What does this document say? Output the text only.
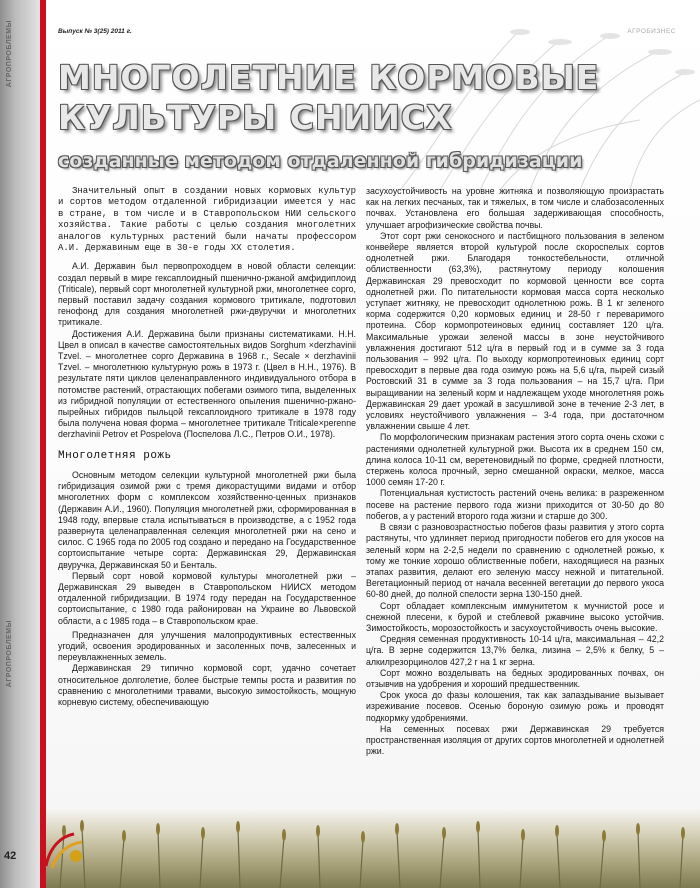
АГРОПРОБЛЕМЫ
АГРОПРОБЛЕМЫ
42
Выпуск № 3(25) 2011 г.	АГРОБИЗНЕС
МНОГОЛЕТНИЕ КОРМОВЫЕ КУЛЬТУРЫ СНИИСХ
созданные методом отдаленной гибридизации

Значительный опыт в создании новых кормовых культур и сортов методом отдаленной гибридизации имеется у нас в стране, в том числе и в Ставропольском НИИ сельского хозяйства. Такие работы с целью создания многолетних аналогов культурных растений были начаты профессором А.И. Державиным еще в 30-е годы XX столетия.

А.И. Державин был первопроходцем в новой области селекции: создал первый в мире гексаплоидный пшенично-ржаной амфидиплоид (Triticale), первый сорт многолетней культурной ржи, многолетнее сорго, первый поставил задачу создания кормового тритикале, подготовил генофонд для создания многолетней ржи-двуручки и многолетних тритикале.

Достижения А.И. Державина были признаны систематиками. Н.Н. Цвел в описал в качестве самостоятельных видов Sorghum ×derzhavinii Tzvel. – многолетнее сорго Державина в 1968 г., Secale × derzhavinii Tzvel. – многолетнюю культурную рожь в 1973 г. (Цвел в Н.Н., 1976). В результате пяти циклов целенаправленного индивидуального отбора в потомстве растений, отрастающих побегами озимого типа, выделенных из гибридной популяции от естественного опыления пшенично-ржано-пырейных гибридов пыльцой гексаплоидного тритикале в 1978 году была получена новая форма – многолетнее тритикале Triticale×perenne derzhavinii Petrov et Pospelova (Поспелова Л.С., Петров О.И., 1978).

Многолетняя рожь

Основным методом селекции культурной многолетней ржи была гибридизация озимой ржи с тремя дикорастущими видами и отбор многолетних форм с комплексом хозяйственно-ценных признаков (Державин А.И., 1960). Популяция многолетней ржи, сформированная в 1948 году, впервые стала испытываться в производстве, а с 1952 года развернута целенаправленная селекция многолетней ржи на сено и силос. С 1965 года по 2005 год создано и передано на Государственное сортоиспытание четыре сорта: Державинская 29, Державинская двуручка, Державинская 50 и Бенталь.

Первый сорт новой кормовой культуры многолетней ржи – Державинская 29 выведен в Ставропольском НИИСХ методом отдаленной гибридизации. В 1974 году передан на Государственное сортоиспытание, с 1980 года районирован на Украине во Львовской области, а с 1985 года – в Ставропольском крае.

Предназначен для улучшения малопродуктивных естественных угодий, освоения эродированных и засоленных почв, залесенных и переувлажненных земель.

Державинская 29 типично кормовой сорт, удачно сочетает относительное долголетие, более быстрые темпы роста и развития по сравнению с многолетними травами, высокую зимостойкость, мощную корневую систему, обеспечивающую

засухоустойчивость на уровне житняка и позволяющую произрастать как на легких песчаных, так и тяжелых, в том числе и слабозасоленных почвах. Установлена его большая задерживающая способность, улучшает агрофизические свойства почвы.

Этот сорт ржи сенокосного и пастбищного пользования в зеленом конвейере является второй культурой после скороспелых сортов однолетней ржи. Благодаря тонкостебельности, отличной облиственности (63,3%), растянутому периоду колошения Державинская 29 превосходит по кормовой ценности все сорта однолетней ржи. По питательности кормовая масса сорта несколько уступает житняку, не превосходит однолетнюю рожь. В 1 кг зеленого корма содержится 0,20 кормовых единиц и 28-50 г переваримого протеина. Сбор кормопротеиновых единиц составляет 120 ц/га. Максимальные урожаи зеленой массы в зоне неустойчивого увлажнения достигают 512 ц/га в первый год и в сумме за 3 года пользования – 992 ц/га. По выходу кормопротеиновых единиц сорт превосходит в первые два года озимую рожь на 5,6 ц/га, пырей сизый Ростовский 31 в сумме за 3 года пользования – на 15,7 ц/га. При выращивании на зеленый корм и надлежащем уходе многолетняя рожь Державинская 29 дает урожай в засушливой зоне в течение 2-3 лет, в условиях неустойчивого увлажнения – 3-4 года, при достаточном увлажнении свыше 4 лет.

По морфологическим признакам растения этого сорта очень схожи с растениями однолетней культурной ржи. Высота их в среднем 150 см, длина колоса 10-11 см, веретеновидный по форме, средней плотности, стержень колоса прочный, зерно смешанной окраски, мелкое, масса 1000 семян 17-20 г.

Потенциальная кустистость растений очень велика: в разреженном посеве на растение первого года жизни приходится от 30-50 до 80 побегов, а у растений второго года жизни и старше до 300.

В связи с разновозрастностью побегов фазы развития у этого сорта растянуты, что удлиняет период пригодности побегов его для укосов на зеленый корм на 2-2,5 недели по сравнению с однолетней рожью, к тому же тонкие хорошо облиственные побеги, находящиеся на разных этапах развития, делают его зеленую массу нежной и питательной. Вегетационный период от начала весенней вегетации до первого укоса 60-80 дней, до полной спелости зерна 130-150 дней.

Сорт обладает комплексным иммунитетом к мучнистой росе и снежной плесени, к бурой и стеблевой ржавчине высоко устойчив. Зимостойкость, морозостойкость и засухоустойчивость очень высокие.

Средняя семенная продуктивность 10-14 ц/га, максимальная – 42,2 ц/га. В зерне содержится 13,7% белка, лизина – 2,5% к белку, 5 – алкилрезорцинолов 427,2 г на 1 кг зерна.

Сорт можно возделывать на бедных эродированных почвах, он отзывчив на удобрения и хороший предшественник.

Срок укоса до фазы колошения, так как запаздывание вызывает изреживание посевов. Осенью бороную озимую рожь и проводят подкормку удобрениями.

На семенных посевах ржи Державинская 29 требуется пространственная изоляция от других сортов многолетней и однолетней ржи.
